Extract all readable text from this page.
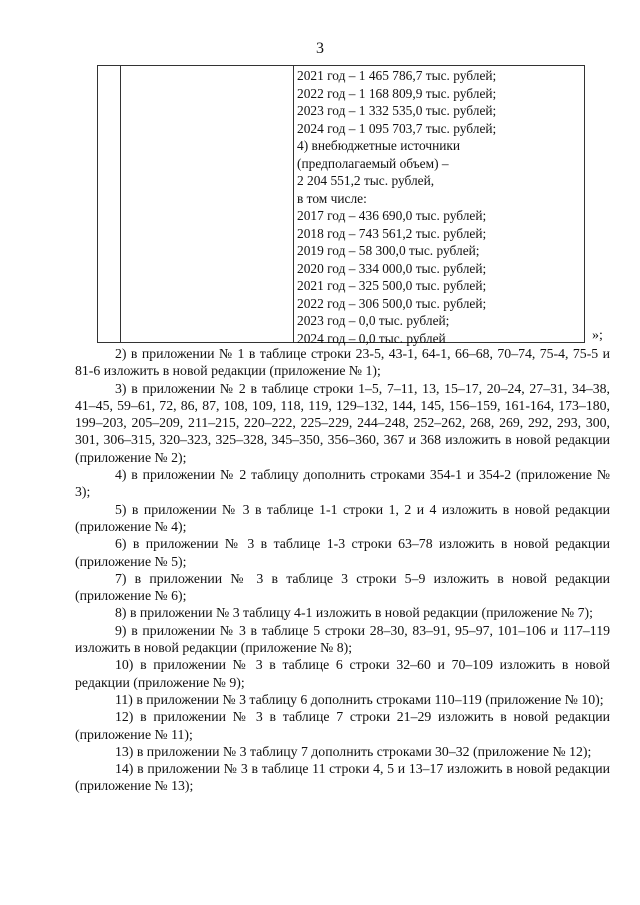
3
2021 год – 1 465 786,7 тыс. рублей;
2022 год – 1 168 809,9 тыс. рублей;
2023 год – 1 332 535,0 тыс. рублей;
2024 год – 1 095 703,7 тыс. рублей;
4) внебюджетные источники
(предполагаемый объем) –
2 204 551,2 тыс. рублей,
в том числе:
2017 год – 436 690,0 тыс. рублей;
2018 год – 743 561,2 тыс. рублей;
2019 год – 58 300,0 тыс. рублей;
2020 год – 334 000,0 тыс. рублей;
2021 год – 325 500,0 тыс. рублей;
2022 год – 306 500,0 тыс. рублей;
2023 год – 0,0 тыс. рублей;
2024 год – 0,0 тыс. рублей	»;

2) в приложении № 1 в таблице строки 23-5, 43-1, 64-1, 66–68, 70–74, 75-4, 75-5 и 81-6 изложить в новой редакции (приложение № 1);

3) в приложении № 2 в таблице строки 1–5, 7–11, 13, 15–17, 20–24, 27–31, 34–38, 41–45, 59–61, 72, 86, 87, 108, 109, 118, 119, 129–132, 144, 145, 156–159, 161-164, 173–180, 199–203, 205–209, 211–215, 220–222, 225–229, 244–248, 252–262, 268, 269, 292, 293, 300, 301, 306–315, 320–323, 325–328, 345–350, 356–360, 367 и 368 изложить в новой редакции (приложение № 2);

4) в приложении № 2 таблицу дополнить строками 354-1 и 354-2 (приложение № 3);

5) в приложении № 3 в таблице 1-1 строки 1, 2 и 4 изложить в новой редакции (приложение № 4);

6) в приложении № 3 в таблице 1-3 строки 63–78 изложить в новой редакции (приложение № 5);

7) в приложении № 3 в таблице 3 строки 5–9 изложить в новой редакции (приложение № 6);

8) в приложении № 3 таблицу 4-1 изложить в новой редакции (приложение № 7);

9) в приложении № 3 в таблице 5 строки 28–30, 83–91, 95–97, 101–106 и 117–119 изложить в новой редакции (приложение № 8);

10) в приложении № 3 в таблице 6 строки 32–60 и 70–109 изложить в новой редакции (приложение № 9);

11) в приложении № 3 таблицу 6 дополнить строками 110–119 (приложение № 10);

12) в приложении № 3 в таблице 7 строки 21–29 изложить в новой редакции (приложение № 11);

13) в приложении № 3 таблицу 7 дополнить строками 30–32 (приложение № 12);

14) в приложении № 3 в таблице 11 строки 4, 5 и 13–17 изложить в новой редакции (приложение № 13);
